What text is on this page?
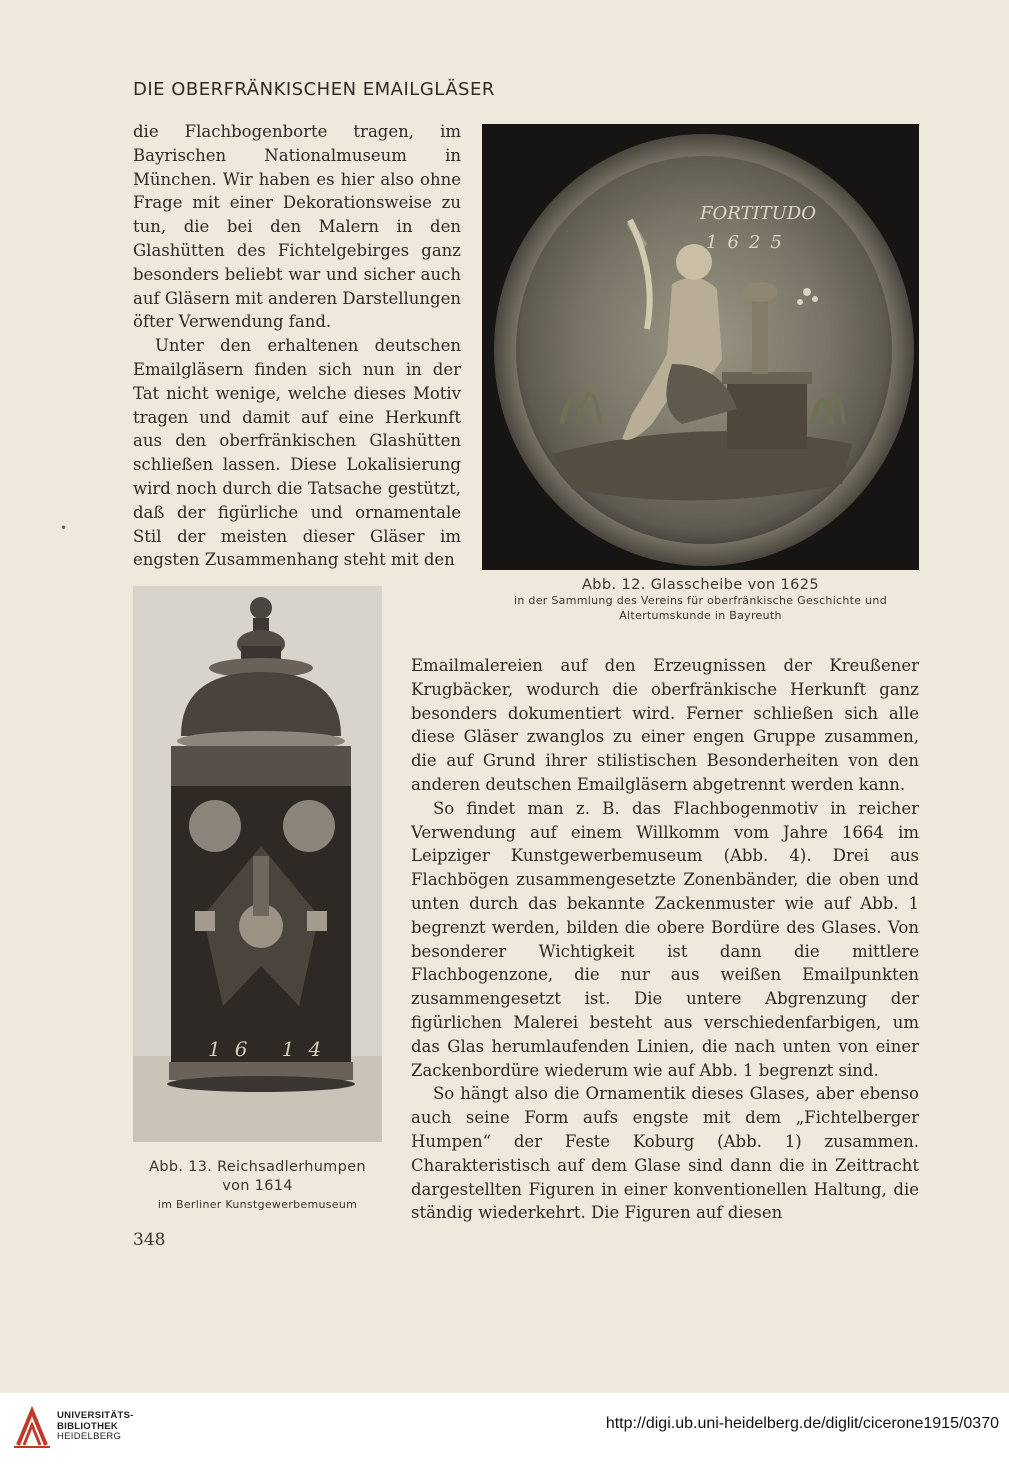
DIE OBERFRÄNKISCHEN EMAILGLÄSER

die Flachbogenborte tragen, im Bayrischen Nationalmuseum in München. Wir haben es hier also ohne Frage mit einer Dekorationsweise zu tun, die bei den Malern in den Glashütten des Fichtelgebirges ganz besonders beliebt war und sicher auch auf Gläsern mit anderen Darstellungen öfter Verwendung fand.

Unter den erhaltenen deutschen Emailgläsern finden sich nun in der Tat nicht wenige, welche dieses Motiv tragen und damit auf eine Herkunft aus den oberfränkischen Glashütten schließen lassen. Diese Lokalisierung wird noch durch die Tatsache gestützt, daß der figürliche und ornamentale Stil der meisten dieser Gläser im engsten Zusammenhang steht mit den

•
FORTITUDO
1625
Abb. 12. Glasscheibe von 1625
in der Sammlung des Vereins für oberfränkische Geschichte und
Altertumskunde in Bayreuth
16 14
Abb. 13. Reichsadlerhumpen
von 1614
im Berliner Kunstgewerbemuseum

Emailmalereien auf den Erzeugnissen der Kreußener Krugbäcker, wodurch die oberfränkische Herkunft ganz besonders dokumentiert wird. Ferner schließen sich alle diese Gläser zwanglos zu einer engen Gruppe zusammen, die auf Grund ihrer stilistischen Besonderheiten von den anderen deutschen Emailgläsern abgetrennt werden kann.

So findet man z. B. das Flachbogenmotiv in reicher Verwendung auf einem Willkomm vom Jahre 1664 im Leipziger Kunstgewerbemuseum (Abb. 4). Drei aus Flachbögen zusammengesetzte Zonenbänder, die oben und unten durch das bekannte Zackenmuster wie auf Abb. 1 begrenzt werden, bilden die obere Bordüre des Glases. Von besonderer Wichtigkeit ist dann die mittlere Flachbogenzone, die nur aus weißen Emailpunkten zusammengesetzt ist. Die untere Abgrenzung der figürlichen Malerei besteht aus verschiedenfarbigen, um das Glas herumlaufenden Linien, die nach unten von einer Zackenbordüre wiederum wie auf Abb. 1 begrenzt sind.

So hängt also die Ornamentik dieses Glases, aber ebenso auch seine Form aufs engste mit dem „Fichtelberger Humpen“ der Feste Koburg (Abb. 1) zusammen. Charakteristisch auf dem Glase sind dann die in Zeittracht dargestellten Figuren in einer konventionellen Haltung, die ständig wiederkehrt. Die Figuren auf diesen

348
UNIVERSITÄTS-
BIBLIOTHEK
HEIDELBERG
http://digi.ub.uni-heidelberg.de/diglit/cicerone1915/0370
